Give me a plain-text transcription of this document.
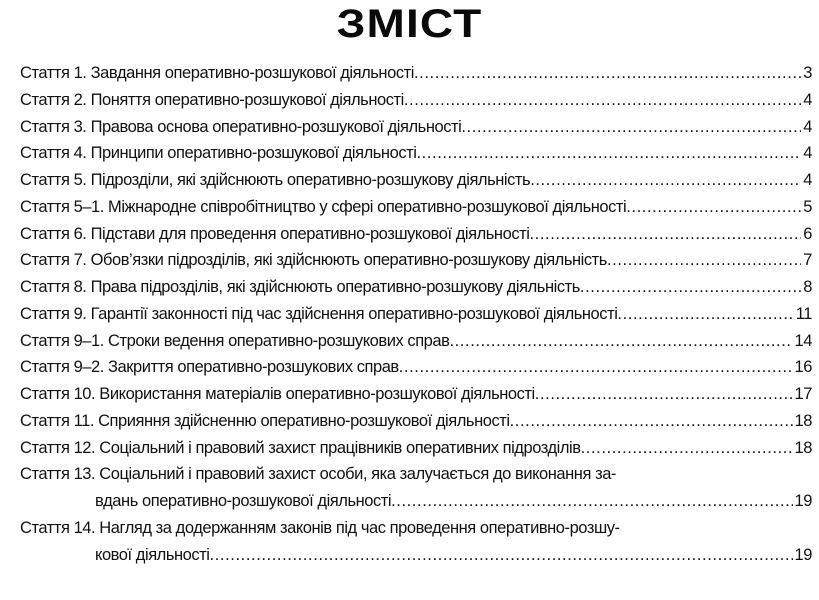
ЗМІСТ
Стаття 1. Завдання оперативно-розшукової діяльності .....	3
Стаття 2. Поняття оперативно-розшукової діяльності .....	4
Стаття 3. Правова основа оперативно-розшукової діяльності .....	4
Стаття 4. Принципи оперативно-розшукової діяльності .....	4
Стаття 5. Підрозділи, які здійснюють оперативно-розшукову діяльність .....	4
Стаття 5–1. Міжнародне співробітництво у сфері оперативно-розшукової діяльності .....	5
Стаття 6. Підстави для проведення оперативно-розшукової діяльності .....	6
Стаття 7. Обов’язки підрозділів, які здійснюють оперативно-розшукову діяльність .....	7
Стаття 8. Права підрозділів, які здійснюють оперативно-розшукову діяльність .....	8
Стаття 9. Гарантії законності під час здійснення оперативно-розшукової діяльності .....	11
Стаття 9–1. Строки ведення оперативно-розшукових справ .....	14
Стаття 9–2. Закриття оперативно-розшукових справ .....	16
Стаття 10. Використання матеріалів оперативно-розшукової діяльності .....	17
Стаття 11. Сприяння здійсненню оперативно-розшукової діяльності .....	18
Стаття 12. Соціальний і правовий захист працівників оперативних підрозділів .....	18
Стаття 13. Соціальний і правовий захист особи, яка залучається до виконання за-
вдань оперативно-розшукової діяльності .....	19
Стаття 14. Нагляд за додержанням законів під час проведення оперативно-розшу-
кової діяльності .....	19
